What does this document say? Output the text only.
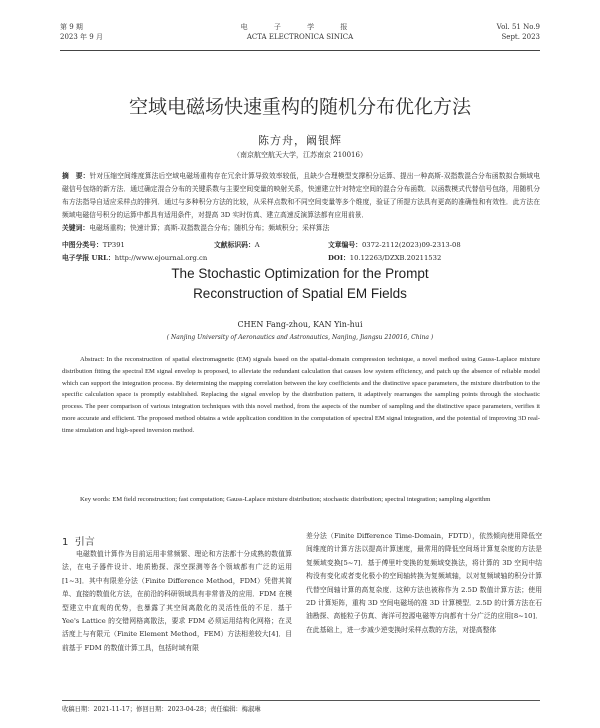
第 9 期
2023 年 9 月
电 子 学 报
ACTA ELECTRONICA SINICA
Vol. 51 No.9
Sept. 2023
空域电磁场快速重构的随机分布优化方法
陈方舟，阚银辉
（南京航空航天大学，江苏南京 210016）
摘　要：针对压缩空间维度算法后空域电磁场重构存在冗余计算导致效率较低，且缺少合理模型支撑积分运算、提出一种高斯-双指数混合分布函数拟合频域电磁信号包络的新方法．通过确定混合分布的关键系数与主要空间变量的映射关系，快速建立针对特定空间的混合分布函数．以函数模式代替信号包络，用随机分布方法指导自适应采样点的排列．通过与多种积分方法的比较，从采样点数和不同空间变量等多个维度，验证了所提方法具有更高的准确性和有效性．此方法在频域电磁信号积分的运算中都具有适用条件，对提高 3D 实时仿真、建立高速反演算法都有应用前景．
关键词：电磁场重构；快速计算；高斯-双指数混合分布；随机分布；频域积分；采样算法
中图分类号：TP391	文献标识码：A	文章编号：0372-2112(2023)09-2313-08
电子学报 URL：http://www.ejournal.org.cn	DOI：10.12263/DZXB.20211532
The Stochastic Optimization for the Prompt
Reconstruction of Spatial EM Fields
CHEN Fang-zhou, KAN Yin-hui
( Nanjing University of Aeronautics and Astronautics, Nanjing, Jiangsu 210016, China )
Abstract: In the reconstruction of spatial electromagnetic (EM) signals based on the spatial-domain compression technique, a novel method using Gauss-Laplace mixture distribution fitting the spectral EM signal envelop is proposed, to alleviate the redundant calculation that causes low system efficiency, and patch up the absence of reliable model which can support the integration process. By determining the mapping correlation between the key coefficients and the distinctive space parameters, the mixture distribution to the specific calculation space is promptly established. Replacing the signal envelop by the distribution pattern, it adaptively rearranges the sampling points through the stochastic process. The peer comparison of various integration techniques with this novel method, from the aspects of the number of sampling and the distinctive space parameters, verifies it more accurate and efficient. The proposed method obtains a wide application condition in the computation of spectral EM signal integration, and the potential of improving 3D real-time simulation and high-speed inversion method.
Key words: EM field reconstruction; fast computation; Gauss-Laplace mixture distribution; stochastic distribution; spectral integration; sampling algorithm
1 引言
电磁数值计算作为目前运用非常频繁、理论和方法都十分成熟的数值算法，在电子器件设计、地质勘探、深空探测等各个领域都有广泛的运用[1~3]．其中有限差分法（Finite Difference Method，FDM）凭借其简单、直接的数值化方法，在前沿的科研领域具有非常普及的应用．FDM 在模型建立中直观的优势，也暴露了其空间离散化的灵活性低的不足．基于 Yee's Lattice 的交错网格离散法，要求 FDM 必须运用结构化网格；在灵活度上与有限元（Finite Element Method，FEM）方法相差较大[4]．目前基于 FDM 的数值计算工具，包括时域有限
差分法（Finite Difference Time-Domain，FDTD），依然倾向使用降低空间维度的计算方法以提高计算速度，最常用的降低空间场计算复杂度的方法是复频域变换[5~7]．基于傅里叶变换的复频域变换法，将计算的 3D 空间中结构没有变化或者变化极小的空间轴转换为复频域轴，以对复频域轴的积分计算代替空间轴计算的高复杂度．这种方法也被称作为 2.5D 数值计算方法；使用 2D 计算矩阵，重构 3D 空间电磁场的准 3D 计算模型．2.5D 的计算方法在石油勘探、高能粒子仿真、海洋可控源电磁等方向都有十分广泛的应用[8~10]．在此基础上，进一步减少逆变换时采样点数的方法，对提高整体
收稿日期：2021-11-17；修回日期：2023-04-28；责任编辑：梅淑琳
